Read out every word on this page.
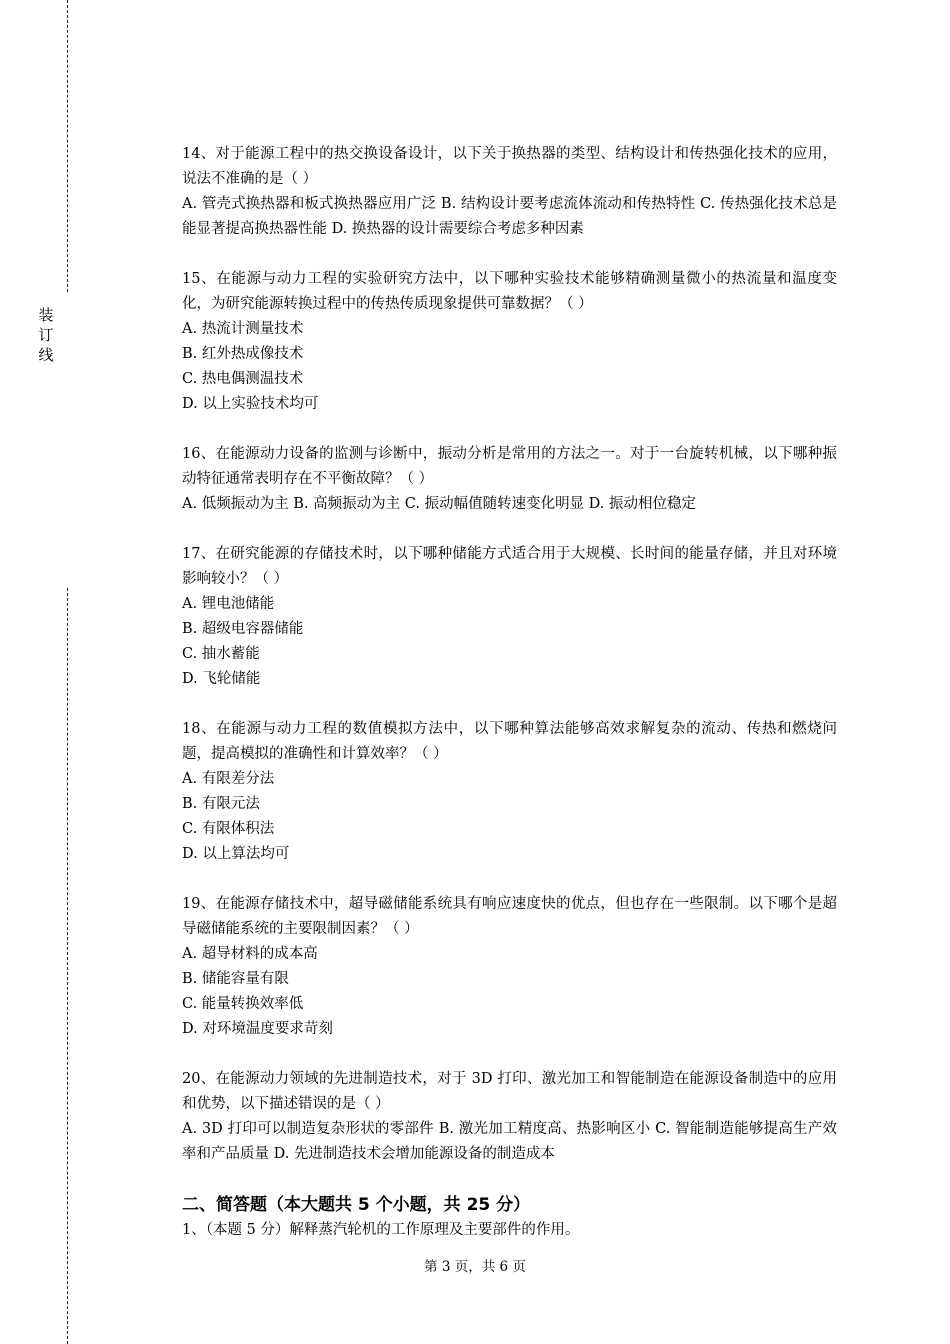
装
订
线

14、对于能源工程中的热交换设备设计，以下关于换热器的类型、结构设计和传热强化技术的应用，说法不准确的是（ ）

A. 管壳式换热器和板式换热器应用广泛 B. 结构设计要考虑流体流动和传热特性 C. 传热强化技术总是能显著提高换热器性能 D. 换热器的设计需要综合考虑多种因素

15、在能源与动力工程的实验研究方法中，以下哪种实验技术能够精确测量微小的热流量和温度变化，为研究能源转换过程中的传热传质现象提供可靠数据？（ ）

A. 热流计测量技术

B. 红外热成像技术

C. 热电偶测温技术

D. 以上实验技术均可

16、在能源动力设备的监测与诊断中，振动分析是常用的方法之一。对于一台旋转机械，以下哪种振动特征通常表明存在不平衡故障？（ ）

A. 低频振动为主 B. 高频振动为主 C. 振动幅值随转速变化明显 D. 振动相位稳定

17、在研究能源的存储技术时，以下哪种储能方式适合用于大规模、长时间的能量存储，并且对环境影响较小？（ ）

A. 锂电池储能

B. 超级电容器储能

C. 抽水蓄能

D. 飞轮储能

18、在能源与动力工程的数值模拟方法中，以下哪种算法能够高效求解复杂的流动、传热和燃烧问题，提高模拟的准确性和计算效率？（ ）

A. 有限差分法

B. 有限元法

C. 有限体积法

D. 以上算法均可

19、在能源存储技术中，超导磁储能系统具有响应速度快的优点，但也存在一些限制。以下哪个是超导磁储能系统的主要限制因素？（ ）

A. 超导材料的成本高

B. 储能容量有限

C. 能量转换效率低

D. 对环境温度要求苛刻

20、在能源动力领域的先进制造技术，对于 3D 打印、激光加工和智能制造在能源设备制造中的应用和优势，以下描述错误的是（ ）

A. 3D 打印可以制造复杂形状的零部件 B. 激光加工精度高、热影响区小 C. 智能制造能够提高生产效率和产品质量 D. 先进制造技术会增加能源设备的制造成本

二、简答题（本大题共 5 个小题，共 25 分）

1、（本题 5 分）解释蒸汽轮机的工作原理及主要部件的作用。

第 3 页，共 6 页
